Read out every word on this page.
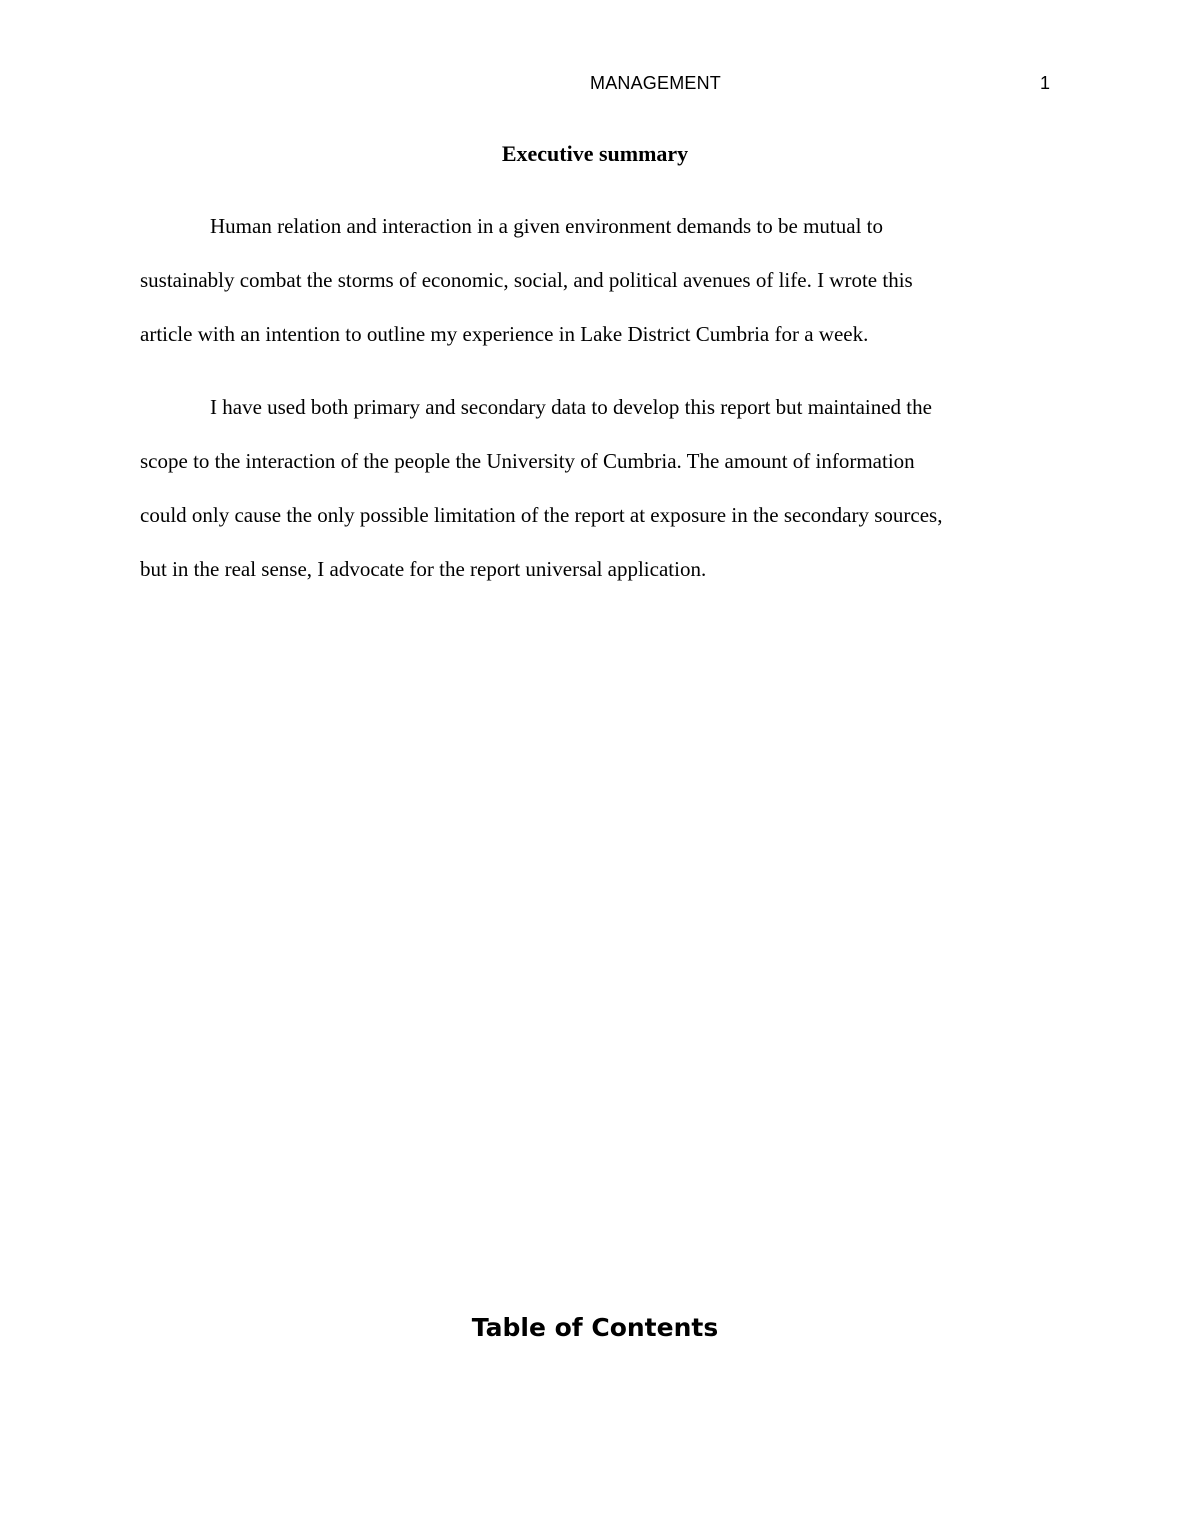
MANAGEMENT	1
Executive summary

Human relation and interaction in a given environment demands to be mutual to
sustainably combat the storms of economic, social, and political avenues of life. I wrote this
article with an intention to outline my experience in Lake District Cumbria for a week.

I have used both primary and secondary data to develop this report but maintained the
scope to the interaction of the people the University of Cumbria. The amount of information
could only cause the only possible limitation of the report at exposure in the secondary sources,
but in the real sense, I advocate for the report universal application.

Table of Contents
